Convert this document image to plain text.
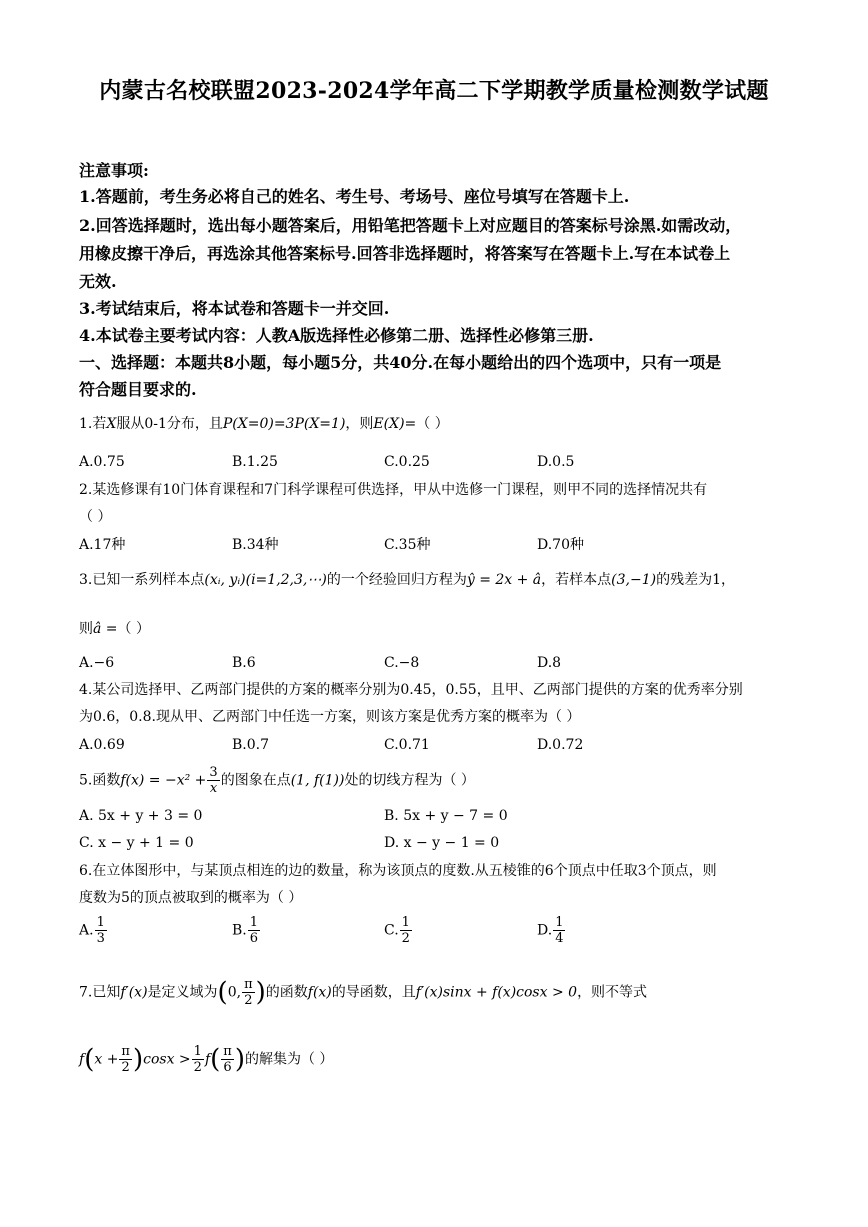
内蒙古名校联盟2023-2024学年高二下学期教学质量检测数学试题
注意事项:
1.答题前，考生务必将自己的姓名、考生号、考场号、座位号填写在答题卡上.
2.回答选择题时，选出每小题答案后，用铅笔把答题卡上对应题目的答案标号涂黑.如需改动，
用橡皮擦干净后，再选涂其他答案标号.回答非选择题时，将答案写在答题卡上.写在本试卷上
无效.
3.考试结束后，将本试卷和答题卡一并交回.
4.本试卷主要考试内容：人教A版选择性必修第二册、选择性必修第三册.
一、选择题：本题共8小题，每小题5分，共40分.在每小题给出的四个选项中，只有一项是
符合题目要求的.
1.若X服从0-1分布，且P(X=0)=3P(X=1)，则E(X)=（ ）
A.0.75	B.1.25	C.0.25	D.0.5
2.某选修课有10门体育课程和7门科学课程可供选择，甲从中选修一门课程，则甲不同的选择情况共有
（ ）
A.17种	B.34种	C.35种	D.70种
3.已知一系列样本点(xᵢ, yᵢ)(i=1,2,3,⋯)的一个经验回归方程为ŷ = 2x + â，若样本点(3,−1)的残差为1，
则â =（ ）
A.−6	B.6	C.−8	D.8
4.某公司选择甲、乙两部门提供的方案的概率分别为0.45，0.55，且甲、乙两部门提供的方案的优秀率分别
为0.6，0.8.现从甲、乙两部门中任选一方案，则该方案是优秀方案的概率为（ ）
A.0.69	B.0.7	C.0.71	D.0.72
5.函数$f(x) = -x^2 + \frac{3}{x}$ 的图象在点(1, f(1))处的切线方程为（ ）
A. 5x + y + 3 = 0	B. 5x + y − 7 = 0
C. x − y + 1 = 0	D. x − y − 1 = 0
6.在立体图形中，与某顶点相连的边的数量，称为该顶点的度数.从五棱锥的6个顶点中任取3个顶点，则
度数为5的顶点被取到的概率为（ ）
A. $\frac{1}{3}$	B. $\frac{1}{6}$	C. $\frac{1}{2}$	D. $\frac{1}{4}$
7.已知f′(x)是定义域为(0, $\frac{\pi}{2}$ )的函数f(x)的导函数，且f′(x)sinx + f(x)cosx > 0，则不等式
$f(x + \frac{\pi}{2} )\cos x > \frac{1}{2} f( \frac{\pi}{6}$ )的解集为（ ）
